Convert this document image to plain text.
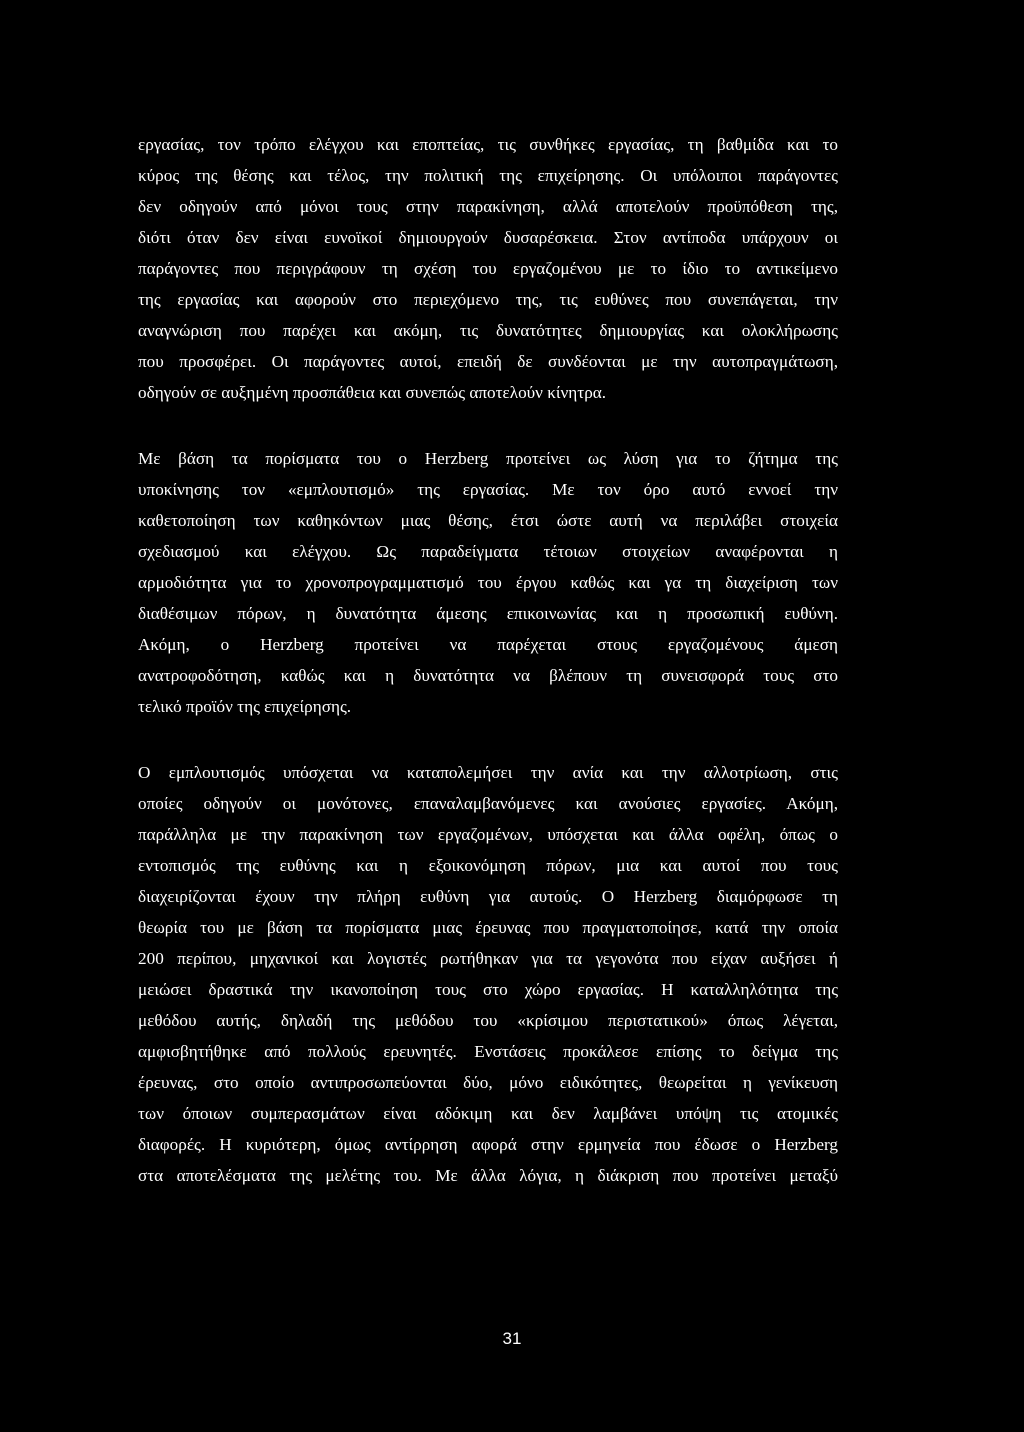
εργασίας, τον τρόπο ελέγχου και εποπτείας, τις συνθήκες εργασίας, τη βαθμίδα και το
κύρος της θέσης και τέλος, την πολιτική της επιχείρησης. Οι υπόλοιποι παράγοντες
δεν οδηγούν από μόνοι τους στην παρακίνηση, αλλά αποτελούν προϋπόθεση της,
διότι όταν δεν είναι ευνοϊκοί δημιουργούν δυσαρέσκεια. Στον αντίποδα υπάρχουν οι
παράγοντες που περιγράφουν τη σχέση του εργαζομένου με το ίδιο το αντικείμενο
της εργασίας και αφορούν στο περιεχόμενο της, τις ευθύνες που συνεπάγεται, την
αναγνώριση που παρέχει και ακόμη, τις δυνατότητες δημιουργίας και ολοκλήρωσης
που προσφέρει. Οι παράγοντες αυτοί, επειδή δε συνδέονται με την αυτοπραγμάτωση,
οδηγούν σε αυξημένη προσπάθεια και συνεπώς αποτελούν κίνητρα.
Με βάση τα πορίσματα του ο Herzberg προτείνει ως λύση για το ζήτημα της
υποκίνησης τον «εμπλουτισμό» της εργασίας. Με τον όρο αυτό εννοεί την
καθετοποίηση των καθηκόντων μιας θέσης, έτσι ώστε αυτή να περιλάβει στοιχεία
σχεδιασμού και ελέγχου. Ως παραδείγματα τέτοιων στοιχείων αναφέρονται η
αρμοδιότητα για το χρονοπρογραμματισμό του έργου καθώς και γα τη διαχείριση των
διαθέσιμων πόρων, η δυνατότητα άμεσης επικοινωνίας και η προσωπική ευθύνη.
Ακόμη, ο Herzberg προτείνει να παρέχεται στους εργαζομένους άμεση
ανατροφοδότηση, καθώς και η δυνατότητα να βλέπουν τη συνεισφορά τους στο
τελικό προϊόν της επιχείρησης.
Ο εμπλουτισμός υπόσχεται να καταπολεμήσει την ανία και την αλλοτρίωση, στις
οποίες οδηγούν οι μονότονες, επαναλαμβανόμενες και ανούσιες εργασίες. Ακόμη,
παράλληλα με την παρακίνηση των εργαζομένων, υπόσχεται και άλλα οφέλη, όπως ο
εντοπισμός της ευθύνης και η εξοικονόμηση πόρων, μια και αυτοί που τους
διαχειρίζονται έχουν την πλήρη ευθύνη για αυτούς. Ο Herzberg διαμόρφωσε τη
θεωρία του με βάση τα πορίσματα μιας έρευνας που πραγματοποίησε, κατά την οποία
200 περίπου, μηχανικοί και λογιστές ρωτήθηκαν για τα γεγονότα που είχαν αυξήσει ή
μειώσει δραστικά την ικανοποίηση τους στο χώρο εργασίας. Η καταλληλότητα της
μεθόδου αυτής, δηλαδή της μεθόδου του «κρίσιμου περιστατικού» όπως λέγεται,
αμφισβητήθηκε από πολλούς ερευνητές. Ενστάσεις προκάλεσε επίσης το δείγμα της
έρευνας, στο οποίο αντιπροσωπεύονται δύο, μόνο ειδικότητες, θεωρείται η γενίκευση
των όποιων συμπερασμάτων είναι αδόκιμη και δεν λαμβάνει υπόψη τις ατομικές
διαφορές. Η κυριότερη, όμως αντίρρηση αφορά στην ερμηνεία που έδωσε ο Herzberg
στα αποτελέσματα της μελέτης του. Με άλλα λόγια, η διάκριση που προτείνει μεταξύ
31
